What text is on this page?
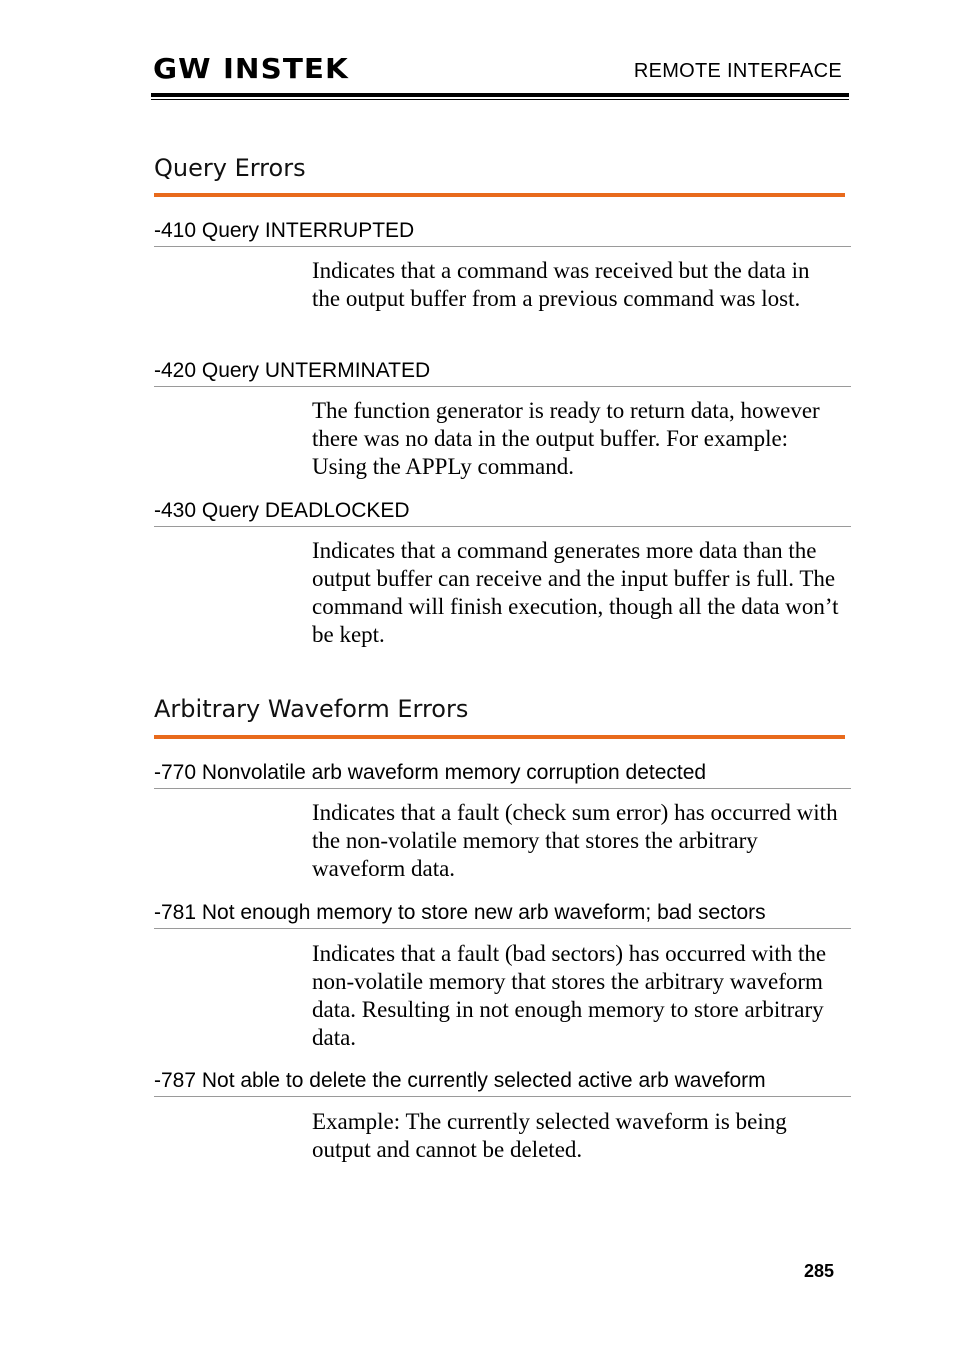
GW INSTEK	REMOTE INTERFACE
Query Errors
-410 Query INTERRUPTED
Indicates that a command was received but the data in the output buffer from a previous command was lost.
-420 Query UNTERMINATED
The function generator is ready to return data, however there was no data in the output buffer. For example: Using the APPLy command.
-430 Query DEADLOCKED
Indicates that a command generates more data than the output buffer can receive and the input buffer is full. The command will finish execution, though all the data won’t be kept.
Arbitrary Waveform Errors
-770 Nonvolatile arb waveform memory corruption detected
Indicates that a fault (check sum error) has occurred with the non-volatile memory that stores the arbitrary waveform data.
-781 Not enough memory to store new arb waveform; bad sectors
Indicates that a fault (bad sectors) has occurred with the non-volatile memory that stores the arbitrary waveform data. Resulting in not enough memory to store arbitrary data.
-787 Not able to delete the currently selected active arb waveform
Example: The currently selected waveform is being output and cannot be deleted.
285
